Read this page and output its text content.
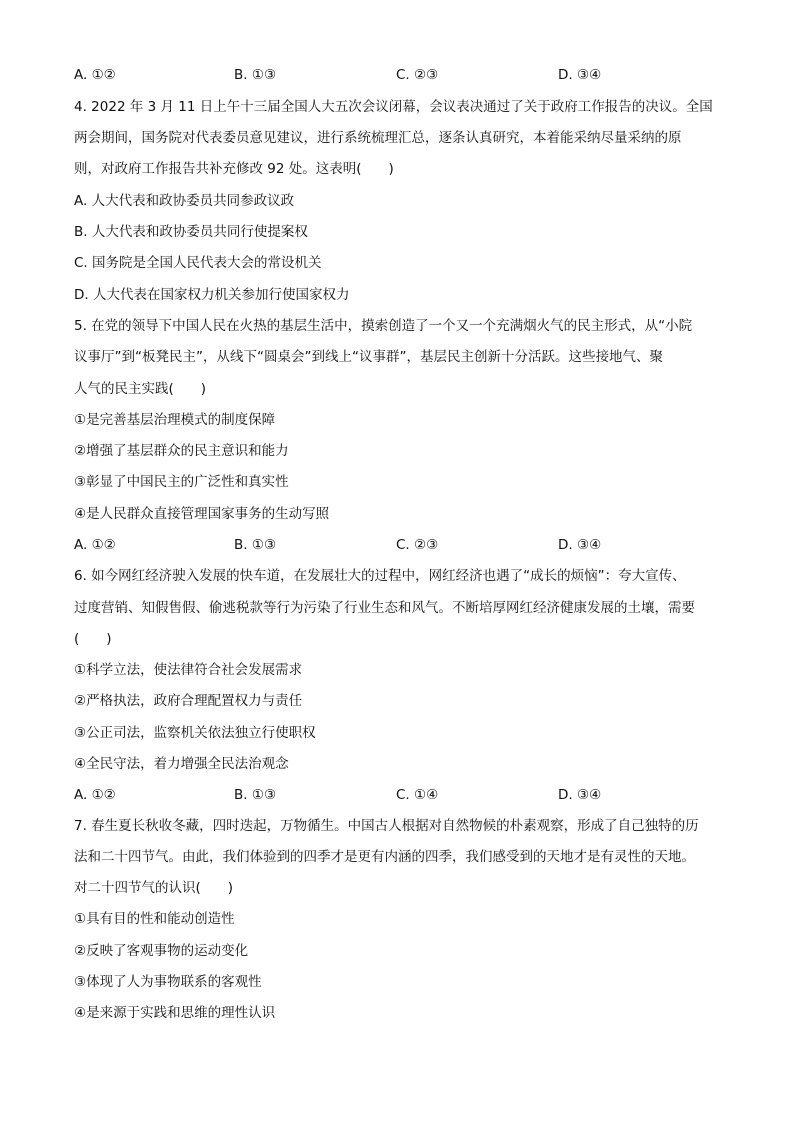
A. ①②	B. ①③	C. ②③	D. ③④
4. 2022 年 3 月 11 日上午十三届全国人大五次会议闭幕，会议表决通过了关于政府工作报告的决议。全国
两会期间，国务院对代表委员意见建议，进行系统梳理汇总，逐条认真研究，本着能采纳尽量采纳的原
则，对政府工作报告共补充修改 92 处。这表明(　　)
A. 人大代表和政协委员共同参政议政
B. 人大代表和政协委员共同行使提案权
C. 国务院是全国人民代表大会的常设机关
D. 人大代表在国家权力机关参加行使国家权力
5. 在党的领导下中国人民在火热的基层生活中，摸索创造了一个又一个充满烟火气的民主形式，从“小院
议事厅”到“板凳民主”，从线下“圆桌会”到线上“议事群”，基层民主创新十分活跃。这些接地气、聚
人气的民主实践(　　)
①是完善基层治理模式的制度保障
②增强了基层群众的民主意识和能力
③彰显了中国民主的广泛性和真实性
④是人民群众直接管理国家事务的生动写照
A. ①②	B. ①③	C. ②③	D. ③④
6. 如今网红经济驶入发展的快车道，在发展壮大的过程中，网红经济也遇了“成长的烦恼”：夸大宣传、
过度营销、知假售假、偷逃税款等行为污染了行业生态和风气。不断培厚网红经济健康发展的土壤，需要
(　　)
①科学立法，使法律符合社会发展需求
②严格执法，政府合理配置权力与责任
③公正司法，监察机关依法独立行使职权
④全民守法，着力增强全民法治观念
A. ①②	B. ①③	C. ①④	D. ③④
7. 春生夏长秋收冬藏，四时迭起，万物循生。中国古人根据对自然物候的朴素观察，形成了自己独特的历
法和二十四节气。由此，我们体验到的四季才是更有内涵的四季，我们感受到的天地才是有灵性的天地。
对二十四节气的认识(　　)
①具有目的性和能动创造性
②反映了客观事物的运动变化
③体现了人为事物联系的客观性
④是来源于实践和思维的理性认识
